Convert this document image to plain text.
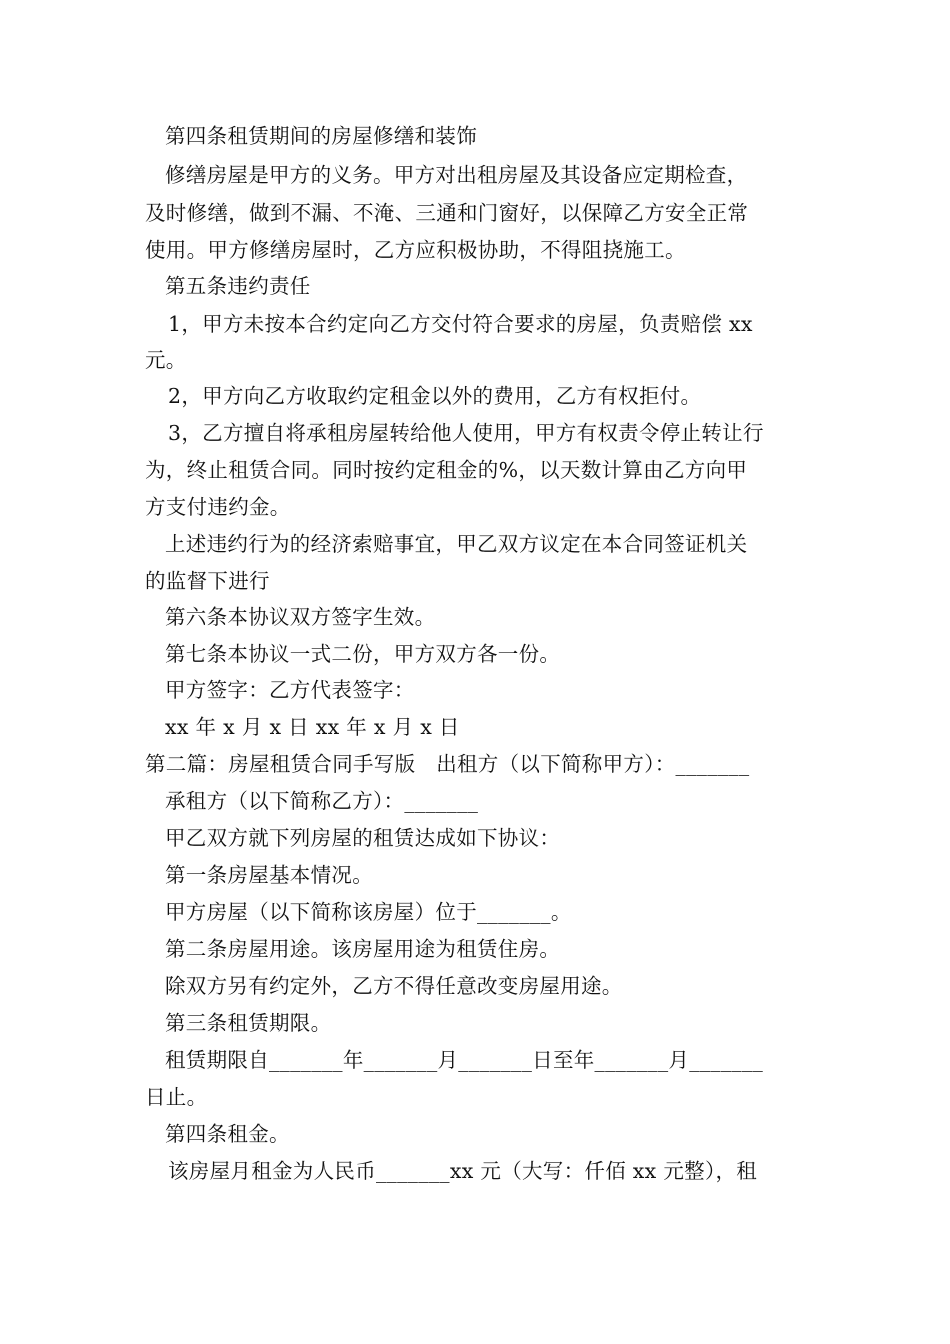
第四条租赁期间的房屋修缮和装饰
修缮房屋是甲方的义务。甲方对出租房屋及其设备应定期检查，
及时修缮，做到不漏、不淹、三通和门窗好，以保障乙方安全正常
使用。甲方修缮房屋时，乙方应积极协助，不得阻挠施工。
第五条违约责任
1，甲方未按本合约定向乙方交付符合要求的房屋，负责赔偿 xx
元。
2，甲方向乙方收取约定租金以外的费用，乙方有权拒付。
3，乙方擅自将承租房屋转给他人使用，甲方有权责令停止转让行
为，终止租赁合同。同时按约定租金的%，以天数计算由乙方向甲
方支付违约金。
上述违约行为的经济索赔事宜，甲乙双方议定在本合同签证机关
的监督下进行
第六条本协议双方签字生效。
第七条本协议一式二份，甲方双方各一份。
甲方签字：乙方代表签字：
xx 年 x 月 x 日 xx 年 x 月 x 日
第二篇：房屋租赁合同手写版　出租方（以下简称甲方）：_______
承租方（以下简称乙方）：_______
甲乙双方就下列房屋的租赁达成如下协议：
第一条房屋基本情况。
甲方房屋（以下简称该房屋）位于_______。
第二条房屋用途。该房屋用途为租赁住房。
除双方另有约定外，乙方不得任意改变房屋用途。
第三条租赁期限。
租赁期限自_______年_______月_______日至年_______月_______
日止。
第四条租金。
该房屋月租金为人民币_______xx 元（大写：仟佰 xx 元整），租
